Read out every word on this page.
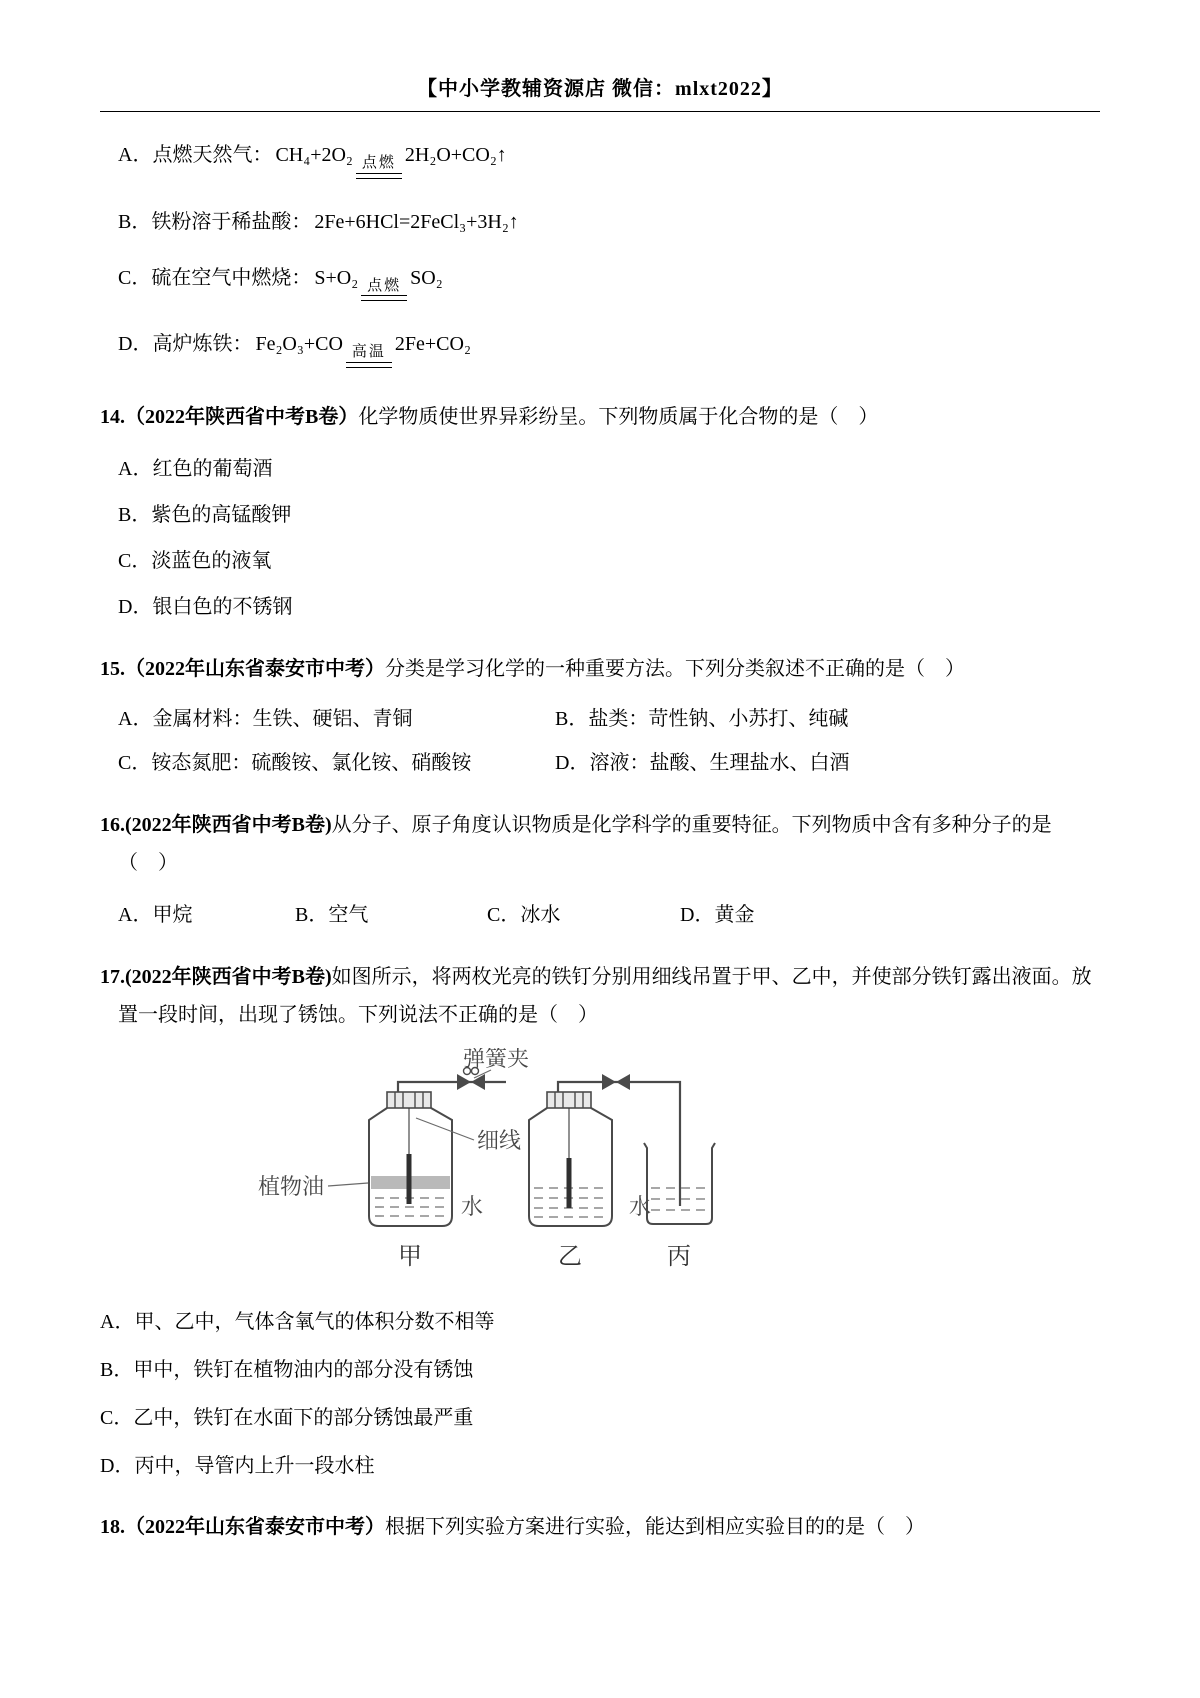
【中小学教辅资源店 微信：mlxt2022】
A．点燃天然气： CH₄+2O₂ 点燃 2H₂O+CO₂↑
B．铁粉溶于稀盐酸： 2Fe+6HCl=2FeCl₃+3H₂↑
C．硫在空气中燃烧： S+O₂ 点燃 SO₂
D．高炉炼铁： Fe₂O₃+CO 高温 2Fe+CO₂
14.（2022年陕西省中考B卷）化学物质使世界异彩纷呈。下列物质属于化合物的是（　）
A．红色的葡萄酒
B．紫色的高锰酸钾
C．淡蓝色的液氧
D．银白色的不锈钢
15.（2022年山东省泰安市中考）分类是学习化学的一种重要方法。下列分类叙述不正确的是（　）
A．金属材料：生铁、硬铝、青铜	B．盐类：苛性钠、小苏打、纯碱
C．铵态氮肥：硫酸铵、氯化铵、硝酸铵	D．溶液：盐酸、生理盐水、白酒
16.(2022年陕西省中考B卷)从分子、原子角度认识物质是化学科学的重要特征。下列物质中含有多种分子的是（　）
A．甲烷	B．空气	C．冰水	D．黄金
17.(2022年陕西省中考B卷)如图所示，将两枚光亮的铁钉分别用细线吊置于甲、乙中，并使部分铁钉露出液面。放置一段时间，出现了锈蚀。下列说法不正确的是（　）
弹簧夹
细线
植物油
水	水
甲	乙	丙
A．甲、乙中，气体含氧气的体积分数不相等
B．甲中，铁钉在植物油内的部分没有锈蚀
C．乙中，铁钉在水面下的部分锈蚀最严重
D．丙中，导管内上升一段水柱
18.（2022年山东省泰安市中考）根据下列实验方案进行实验，能达到相应实验目的的是（　）
